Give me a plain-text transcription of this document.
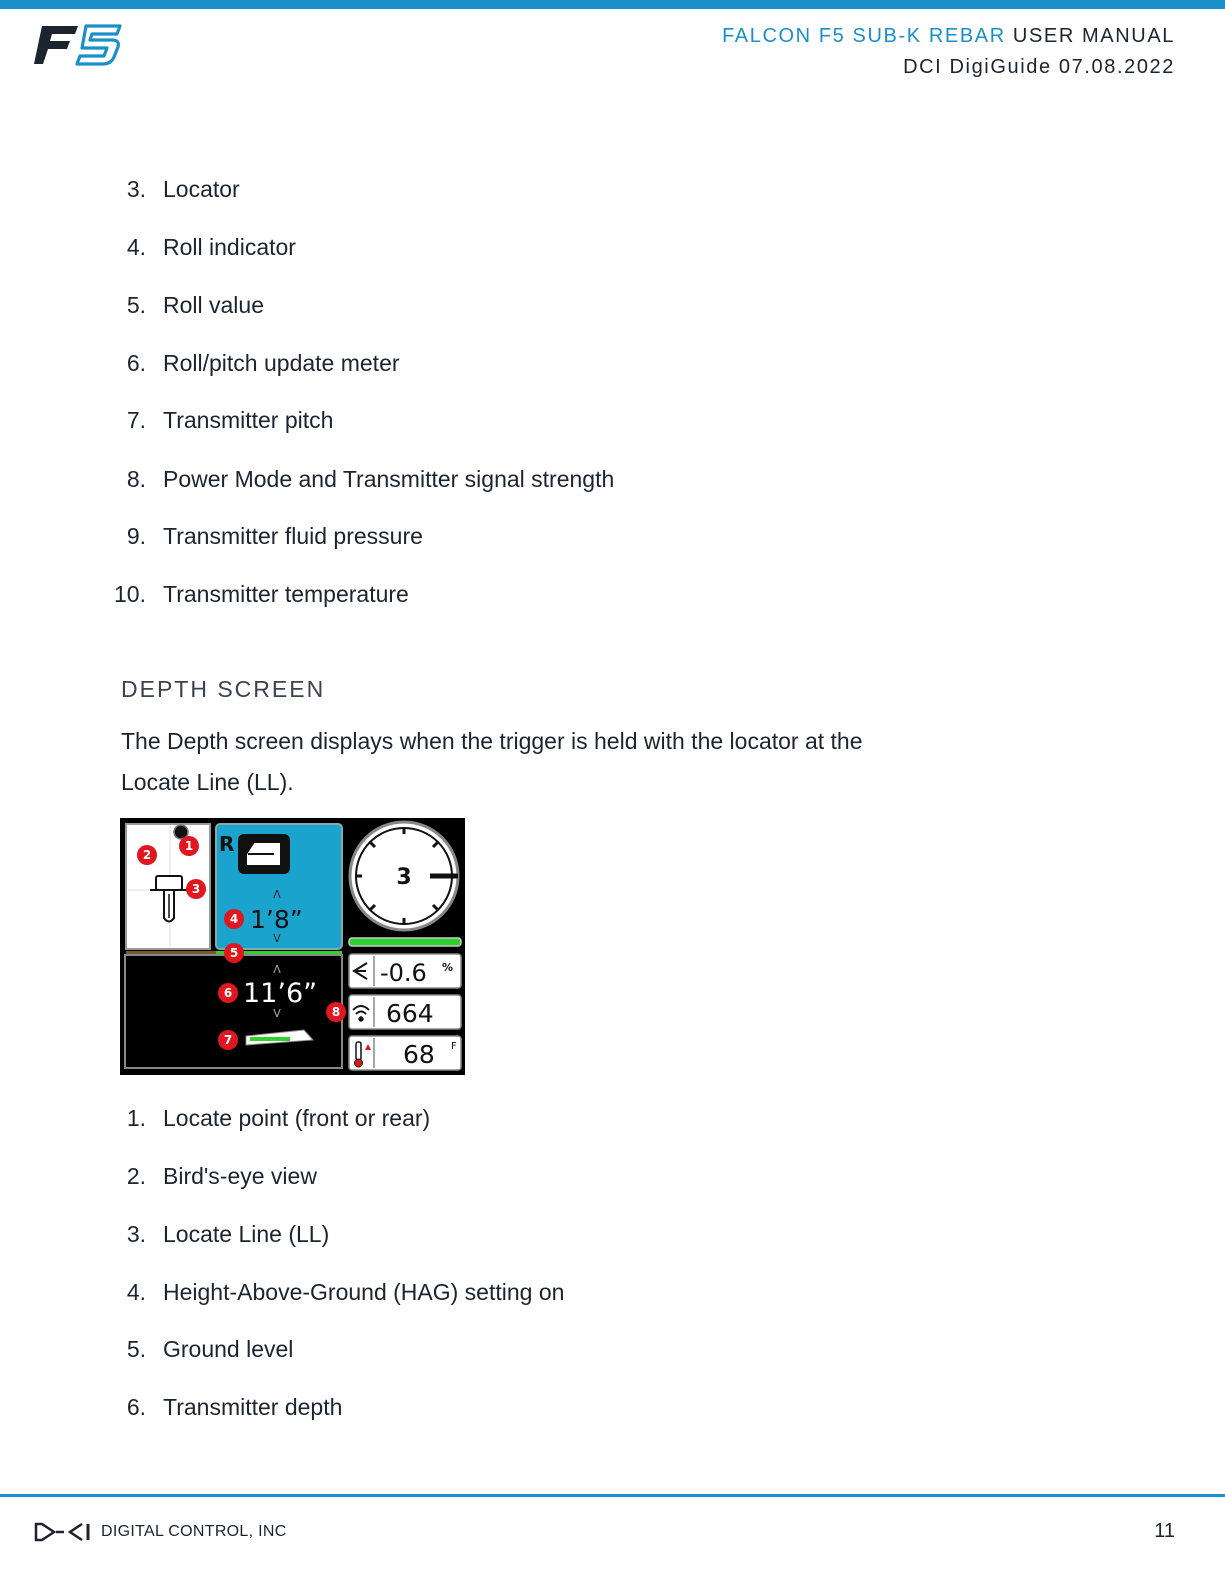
FALCON F5 SUB-K REBAR USER MANUAL
DCI DigiGuide 07.08.2022
3. Locator
4. Roll indicator
5. Roll value
6. Roll/pitch update meter
7. Transmitter pitch
8. Power Mode and Transmitter signal strength
9. Transmitter fluid pressure
10. Transmitter temperature
DEPTH SCREEN
The Depth screen displays when the trigger is held with the locator at the Locate Line (LL).
R
Λ
V
1’8”
Λ
V
11’6”
3
-0.6 %
664
68 F
1
2
3
4
5
6
7
8
1. Locate point (front or rear)
2. Bird's-eye view
3. Locate Line (LL)
4. Height-Above-Ground (HAG) setting on
5. Ground level
6. Transmitter depth
DIGITAL CONTROL, INC	11
